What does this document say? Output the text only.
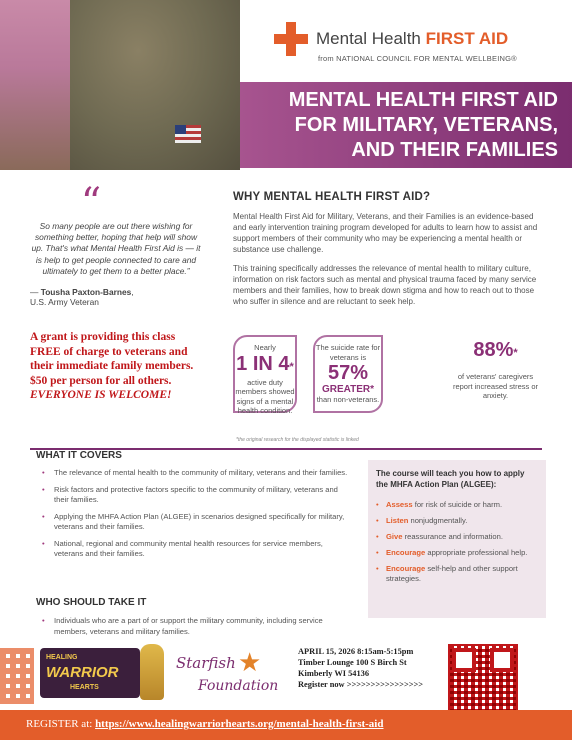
Mental Health FIRST AID
from NATIONAL COUNCIL FOR MENTAL WELLBEING®
MENTAL HEALTH FIRST AID
FOR MILITARY, VETERANS,
AND THEIR FAMILIES
“
So many people are out there wishing for something better, hoping that help will show up. That's what Mental Health First Aid is — it is help to get people connected to care and ultimately to get them to a better place.”
— Tousha Paxton-Barnes,
U.S. Army Veteran
A grant is providing this class FREE of charge to veterans and their immediate family members.
$50 per person for all others.
EVERYONE IS WELCOME!
WHY MENTAL HEALTH FIRST AID?

Mental Health First Aid for Military, Veterans, and their Families is an evidence-based and early intervention training program developed for adults to learn how to assist and support members of their community who may be experiencing a mental health or substance use challenge.

This training specifically addresses the relevance of mental health to military culture, information on risk factors such as mental and physical trauma faced by many service members and their families, how to break down stigma and how to reach out to those who suffer in silence and are reluctant to seek help.

Nearly
1 IN 4*
active duty members showed signs of a mental health condition.
The suicide rate for veterans is
57%
GREATER*
than non-veterans.
88%*
of veterans' caregivers report increased stress or anxiety.
*the original research for the displayed statistic is linked
WHAT IT COVERS
• The relevance of mental health to the community of military, veterans and their families.
• Risk factors and protective factors specific to the community of military, veterans and their families.
• Applying the MHFA Action Plan (ALGEE) in scenarios designed specifically for military, veterans and their families.
• National, regional and community mental health resources for service members, veterans and their families.
The course will teach you how to apply the MHFA Action Plan (ALGEE):
• Assess for risk of suicide or harm.
• Listen nonjudgmentally.
• Give reassurance and information.
• Encourage appropriate professional help.
• Encourage self-help and other support strategies.
WHO SHOULD TAKE IT
• Individuals who are a part of or support the military community, including service members, veterans and military families.
HEALING
WARRIOR
HEARTS
Starfish ★
Foundation
APRIL 15, 2026 8:15am-5:15pm
Timber Lounge 100 S Birch St
Kimberly WI 54136
Register now >>>>>>>>>>>>>>>>
REGISTER at: https://www.healingwarriorhearts.org/mental-health-first-aid
